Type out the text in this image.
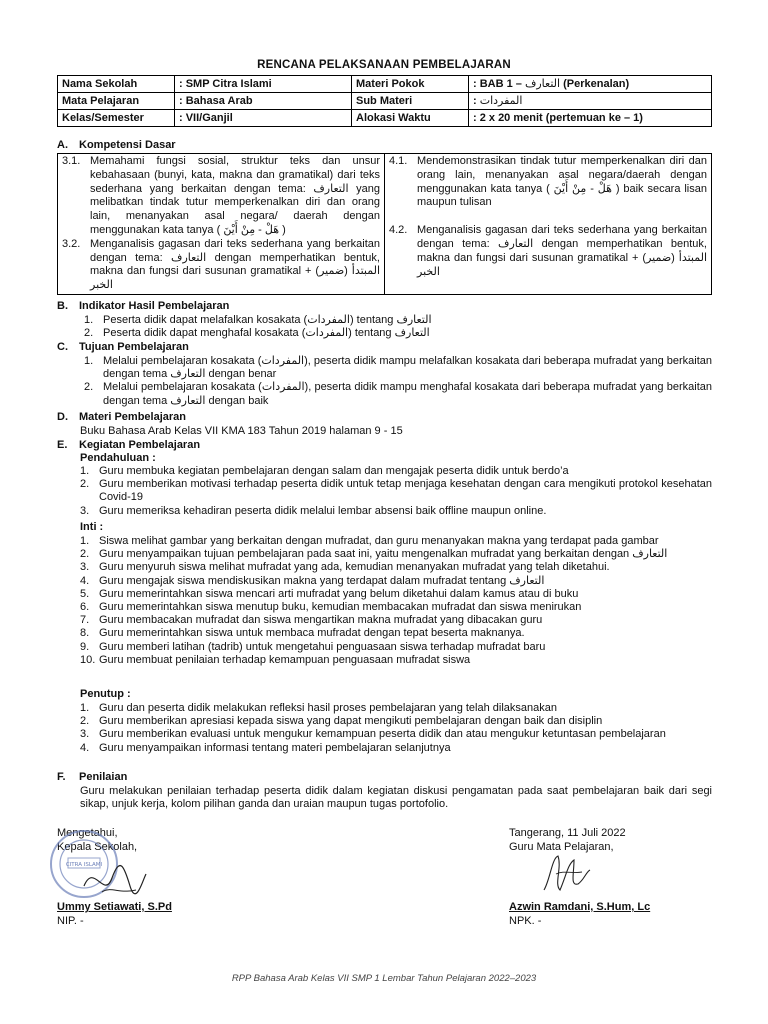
RENCANA PELAKSANAAN PEMBELAJARAN
Nama Sekolah	: SMP Citra Islami	Materi Pokok	: BAB 1 – التعارف (Perkenalan)
Mata Pelajaran	: Bahasa Arab	Sub Materi	: المفردات
Kelas/Semester	: VII/Ganjil	Alokasi Waktu	: 2 x 20 menit (pertemuan ke – 1)
A. Kompetensi Dasar
3.1. Memahami fungsi sosial, struktur teks dan unsur kebahasaan (bunyi, kata, makna dan gramatikal) dari teks sederhana yang berkaitan dengan tema: التعارف yang melibatkan tindak tutur memperkenalkan diri dan orang lain, menanyakan asal negara/ daerah dengan menggunakan kata tanya ( هَلْ - مِنْ أَيْنَ )
3.2. Menganalisis gagasan dari teks sederhana yang berkaitan dengan tema: التعارف dengan memperhatikan bentuk, makna dan fungsi dari susunan gramatikal المبتدأ (ضمير) + الخبر

4.1. Mendemonstrasikan tindak tutur memperkenalkan diri dan orang lain, menanyakan asal negara/daerah dengan menggunakan kata tanya ( هَلْ - مِنْ أَيْنَ ) baik secara lisan maupun tulisan
4.2. Menganalisis gagasan dari teks sederhana yang berkaitan dengan tema: التعارف dengan memperhatikan bentuk, makna dan fungsi dari susunan gramatikal المبتدأ (ضمير) + الخبر
B. Indikator Hasil Pembelajaran
1. Peserta didik dapat melafalkan kosakata (المفردات) tentang التعارف
2. Peserta didik dapat menghafal kosakata (المفردات) tentang التعارف
C. Tujuan Pembelajaran
1. Melalui pembelajaran kosakata (المفردات), peserta didik mampu melafalkan kosakata dari beberapa mufradat yang berkaitan dengan tema التعارف dengan benar
2. Melalui pembelajaran kosakata (المفردات), peserta didik mampu menghafal kosakata dari beberapa mufradat yang berkaitan dengan tema التعارف dengan baik
D. Materi Pembelajaran
Buku Bahasa Arab Kelas VII KMA 183 Tahun 2019 halaman 9 - 15
E. Kegiatan Pembelajaran
Pendahuluan :
1. Guru membuka kegiatan pembelajaran dengan salam dan mengajak peserta didik untuk berdo’a
2. Guru memberikan motivasi terhadap peserta didik untuk tetap menjaga kesehatan dengan cara mengikuti protokol kesehatan Covid-19
3. Guru memeriksa kehadiran peserta didik melalui lembar absensi baik offline maupun online.
Inti :
1. Siswa melihat gambar yang berkaitan dengan mufradat, dan guru menanyakan makna yang terdapat pada gambar
2. Guru menyampaikan tujuan pembelajaran pada saat ini, yaitu mengenalkan mufradat yang berkaitan dengan التعارف
3. Guru menyuruh siswa melihat mufradat yang ada, kemudian menanyakan mufradat yang telah diketahui.
4. Guru mengajak siswa mendiskusikan makna yang terdapat dalam mufradat tentang التعارف
5. Guru memerintahkan siswa mencari arti mufradat yang belum diketahui dalam kamus atau di buku
6. Guru memerintahkan siswa menutup buku, kemudian membacakan mufradat dan siswa menirukan
7. Guru membacakan mufradat dan siswa mengartikan makna mufradat yang dibacakan guru
8. Guru memerintahkan siswa untuk membaca mufradat dengan tepat beserta maknanya.
9. Guru memberi latihan (tadrib) untuk mengetahui penguasaan siswa terhadap mufradat baru
10. Guru membuat penilaian terhadap kemampuan penguasaan mufradat siswa
Penutup :
1. Guru dan peserta didik melakukan refleksi hasil proses pembelajaran yang telah dilaksanakan
2. Guru memberikan apresiasi kepada siswa yang dapat mengikuti pembelajaran dengan baik dan disiplin
3. Guru memberikan evaluasi untuk mengukur kemampuan peserta didik dan atau mengukur ketuntasan pembelajaran
4. Guru menyampaikan informasi tentang materi pembelajaran selanjutnya
F. Penilaian
Guru melakukan penilaian terhadap peserta didik dalam kegiatan diskusi pengamatan pada saat pembelajaran baik dari segi sikap, unjuk kerja, kolom pilihan ganda dan uraian maupun tugas portofolio.
Mengetahui,
Kepala Sekolah,
Ummy Setiawati, S.Pd
NIP. -
CITRA ISLAMI
Tangerang, 11 Juli 2022
Guru Mata Pelajaran,
Azwin Ramdani, S.Hum, Lc
NPK. -
RPP Bahasa Arab Kelas VII SMP 1 Lembar Tahun Pelajaran 2022–2023
